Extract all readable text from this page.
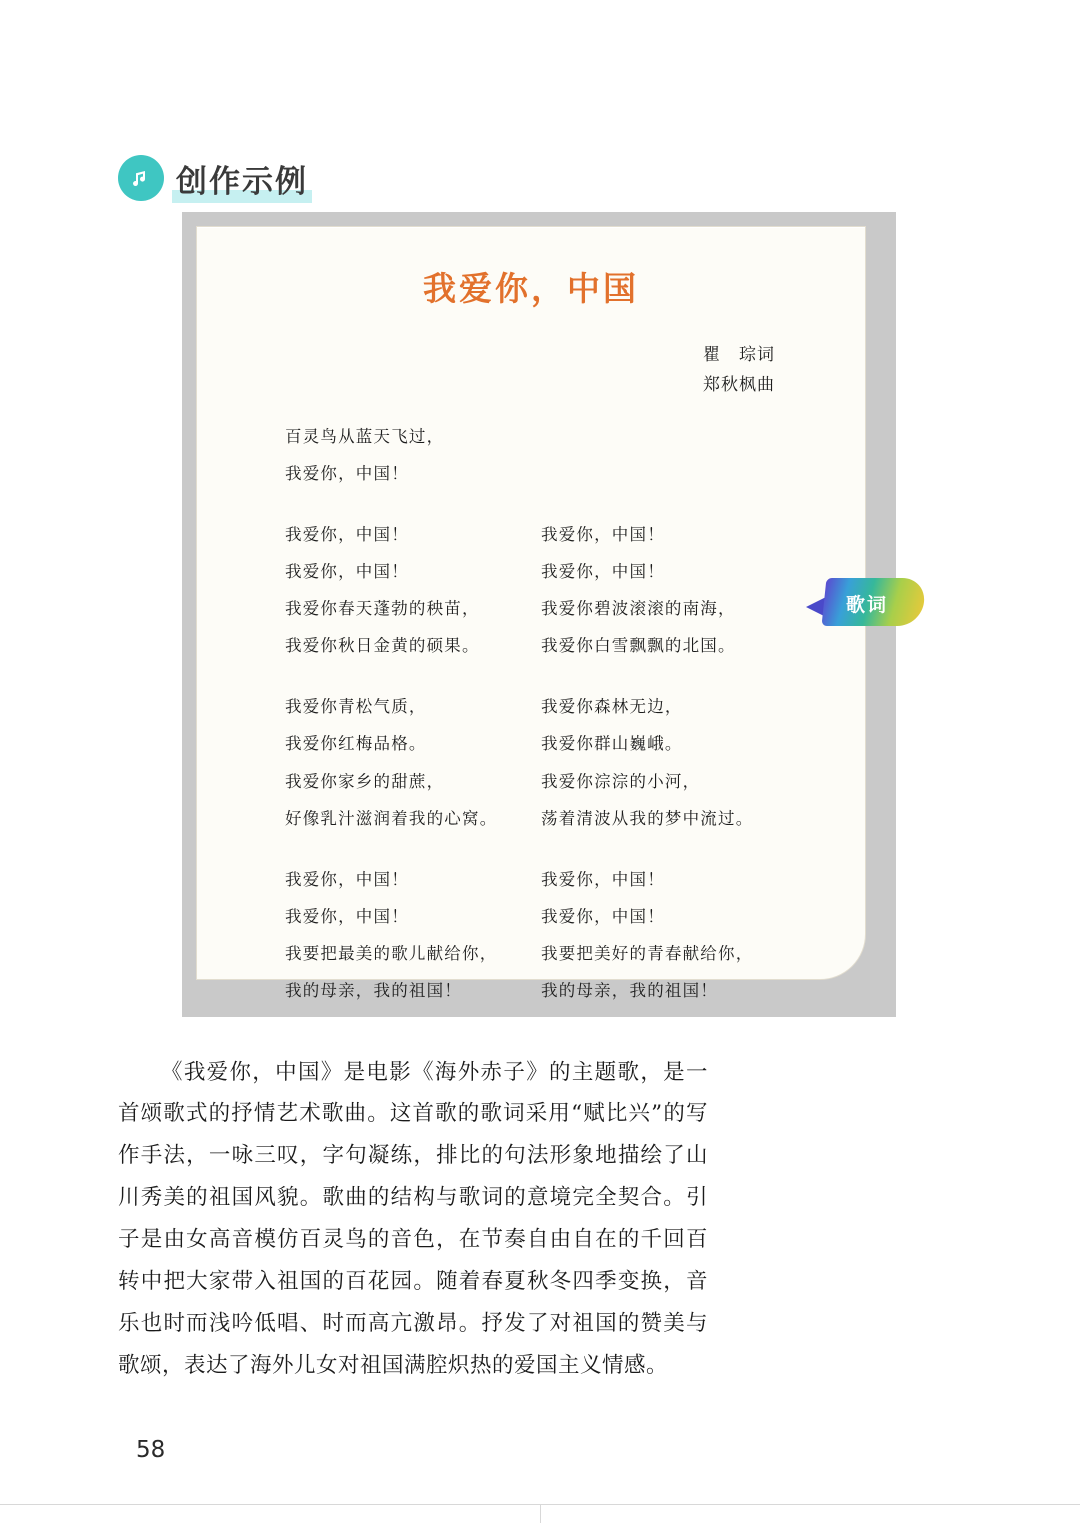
创作示例
我爱你，中国
瞿　琮词
郑秋枫曲
百灵鸟从蓝天飞过，
我爱你，中国！
我爱你，中国！
我爱你，中国！
我爱你春天蓬勃的秧苗，
我爱你秋日金黄的硕果。
我爱你，中国！
我爱你，中国！
我爱你碧波滚滚的南海，
我爱你白雪飘飘的北国。
我爱你青松气质，
我爱你红梅品格。
我爱你家乡的甜蔗，
好像乳汁滋润着我的心窝。
我爱你森林无边，
我爱你群山巍峨。
我爱你淙淙的小河，
荡着清波从我的梦中流过。
我爱你，中国！
我爱你，中国！
我要把最美的歌儿献给你，
我的母亲，我的祖国！
我爱你，中国！
我爱你，中国！
我要把美好的青春献给你，
我的母亲，我的祖国！
歌词

《我爱你，中国》是电影《海外赤子》的主题歌，是一首颂歌式的抒情艺术歌曲。这首歌的歌词采用“赋比兴”的写作手法，一咏三叹，字句凝练，排比的句法形象地描绘了山川秀美的祖国风貌。歌曲的结构与歌词的意境完全契合。引子是由女高音模仿百灵鸟的音色，在节奏自由自在的千回百转中把大家带入祖国的百花园。随着春夏秋冬四季变换，音乐也时而浅吟低唱、时而高亢激昂。抒发了对祖国的赞美与歌颂，表达了海外儿女对祖国满腔炽热的爱国主义情感。

58
